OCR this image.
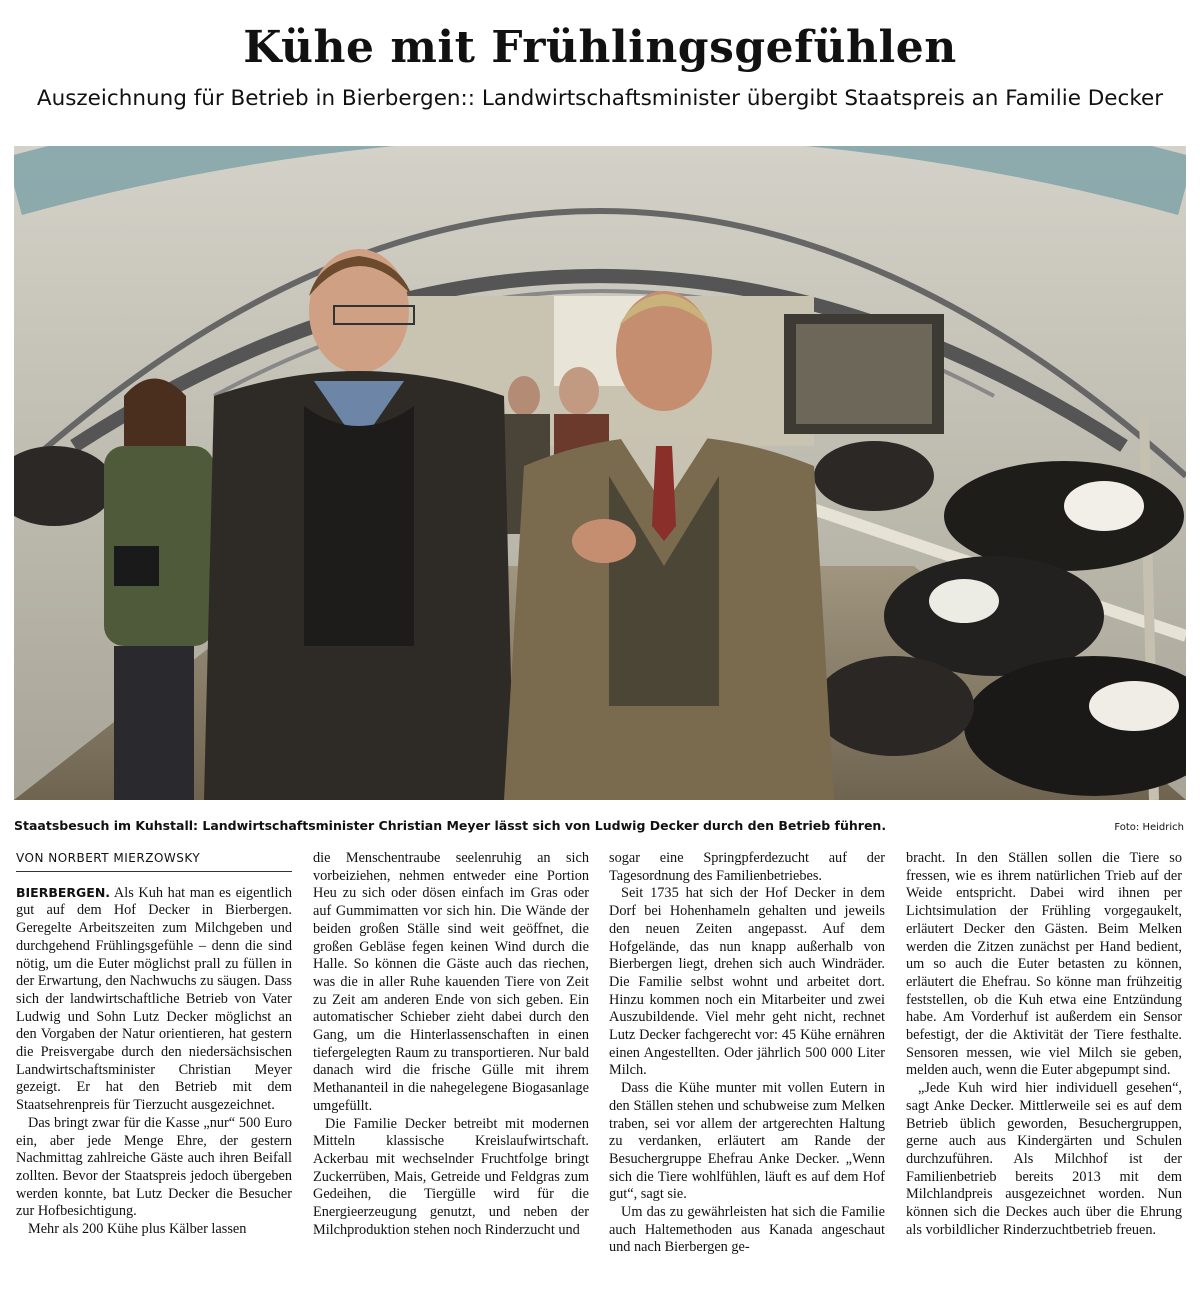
Kühe mit Frühlingsgefühlen
Auszeichnung für Betrieb in Bierbergen:: Landwirtschaftsminister übergibt Staatspreis an Familie Decker
Staatsbesuch im Kuhstall: Landwirtschaftsminister Christian Meyer lässt sich von Ludwig Decker durch den Betrieb führen.	Foto: Heidrich
VON NORBERT MIERZOWSKY

BIERBERGEN. Als Kuh hat man es eigentlich gut auf dem Hof Decker in Bierbergen. Geregelte Arbeitszeiten zum Milchgeben und durchgehend Frühlingsgefühle – denn die sind nötig, um die Euter möglichst prall zu füllen in der Erwartung, den Nachwuchs zu säugen. Dass sich der landwirtschaftliche Betrieb von Vater Ludwig und Sohn Lutz Decker möglichst an den Vorgaben der Natur orientieren, hat gestern die Preisvergabe durch den niedersächsischen Landwirtschaftsminister Christian Meyer gezeigt. Er hat den Betrieb mit dem Staatsehrenpreis für Tierzucht ausgezeichnet.

Das bringt zwar für die Kasse „nur“ 500 Euro ein, aber jede Menge Ehre, der gestern Nachmittag zahlreiche Gäste auch ihren Beifall zollten. Bevor der Staatspreis jedoch übergeben werden konnte, bat Lutz Decker die Besucher zur Hofbesichtigung.

Mehr als 200 Kühe plus Kälber lassen

die Menschentraube seelenruhig an sich vorbeiziehen, nehmen entweder eine Portion Heu zu sich oder dösen einfach im Gras oder auf Gummimatten vor sich hin. Die Wände der beiden großen Ställe sind weit geöffnet, die großen Gebläse fegen keinen Wind durch die Halle. So können die Gäste auch das riechen, was die in aller Ruhe kauenden Tiere von Zeit zu Zeit am anderen Ende von sich geben. Ein automatischer Schieber zieht dabei durch den Gang, um die Hinterlassenschaften in einen tiefergelegten Raum zu transportieren. Nur bald danach wird die frische Gülle mit ihrem Methananteil in die nahegelegene Biogasanlage umgefüllt.

Die Familie Decker betreibt mit modernen Mitteln klassische Kreislaufwirtschaft. Ackerbau mit wechselnder Fruchtfolge bringt Zuckerrüben, Mais, Getreide und Feldgras zum Gedeihen, die Tiergülle wird für die Energieerzeugung genutzt, und neben der Milchproduktion stehen noch Rinderzucht und

sogar eine Springpferdezucht auf der Tagesordnung des Familienbetriebes.

Seit 1735 hat sich der Hof Decker in dem Dorf bei Hohenhameln gehalten und jeweils den neuen Zeiten angepasst. Auf dem Hofgelände, das nun knapp außerhalb von Bierbergen liegt, drehen sich auch Windräder. Die Familie selbst wohnt und arbeitet dort. Hinzu kommen noch ein Mitarbeiter und zwei Auszubildende. Viel mehr geht nicht, rechnet Lutz Decker fachgerecht vor: 45 Kühe ernähren einen Angestellten. Oder jährlich 500 000 Liter Milch.

Dass die Kühe munter mit vollen Eutern in den Ställen stehen und schubweise zum Melken traben, sei vor allem der artgerechten Haltung zu verdanken, erläutert am Rande der Besuchergruppe Ehefrau Anke Decker. „Wenn sich die Tiere wohlfühlen, läuft es auf dem Hof gut“, sagt sie.

Um das zu gewährleisten hat sich die Familie auch Haltemethoden aus Kanada angeschaut und nach Bierbergen ge-

bracht. In den Ställen sollen die Tiere so fressen, wie es ihrem natürlichen Trieb auf der Weide entspricht. Dabei wird ihnen per Lichtsimulation der Frühling vorgegaukelt, erläutert Decker den Gästen. Beim Melken werden die Zitzen zunächst per Hand bedient, um so auch die Euter betasten zu können, erläutert die Ehefrau. So könne man frühzeitig feststellen, ob die Kuh etwa eine Entzündung habe. Am Vorderhuf ist außerdem ein Sensor befestigt, der die Aktivität der Tiere festhalte. Sensoren messen, wie viel Milch sie geben, melden auch, wenn die Euter abgepumpt sind.

„Jede Kuh wird hier individuell gesehen“, sagt Anke Decker. Mittlerweile sei es auf dem Betrieb üblich geworden, Besuchergruppen, gerne auch aus Kindergärten und Schulen durchzuführen. Als Milchhof ist der Familienbetrieb bereits 2013 mit dem Milchlandpreis ausgezeichnet worden. Nun können sich die Deckes auch über die Ehrung als vorbildlicher Rinderzuchtbetrieb freuen.
